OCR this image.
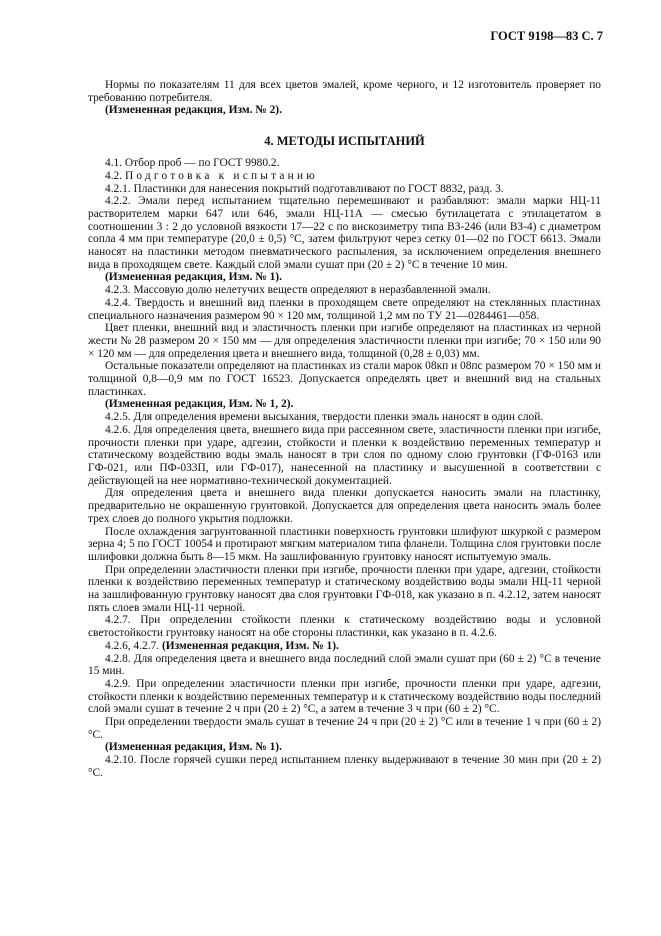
ГОСТ 9198—83 С. 7

Нормы по показателям 11 для всех цветов эмалей, кроме черного, и 12 изготовитель проверяет по требованию потребителя.

(Измененная редакция, Изм. № 2).

4. МЕТОДЫ ИСПЫТАНИЙ

4.1. Отбор проб — по ГОСТ 9980.2.

4.2. Подготовка к испытанию

4.2.1. Пластинки для нанесения покрытий подготавливают по ГОСТ 8832, разд. 3.

4.2.2. Эмали перед испытанием тщательно перемешивают и разбавляют: эмали марки НЦ-11 растворителем марки 647 или 646, эмали НЦ-11А — смесью бутилацетата с этилацетатом в соотношении 3 : 2 до условной вязкости 17—22 с по вискозиметру типа ВЗ-246 (или ВЗ-4) с диаметром сопла 4 мм при температуре (20,0 ± 0,5) °С, затем фильтруют через сетку 01—02 по ГОСТ 6613. Эмали наносят на пластинки методом пневматического распыления, за исключением определения внешнего вида в проходящем свете. Каждый слой эмали сушат при (20 ± 2) °С в течение 10 мин.

(Измененная редакция, Изм. № 1).

4.2.3. Массовую долю нелетучих веществ определяют в неразбавленной эмали.

4.2.4. Твердость и внешний вид пленки в проходящем свете определяют на стеклянных пластинах специального назначения размером 90 × 120 мм, толщиной 1,2 мм по ТУ 21—0284461—058.

Цвет пленки, внешний вид и эластичность пленки при изгибе определяют на пластинках из черной жести № 28 размером 20 × 150 мм — для определения эластичности пленки при изгибе; 70 × 150 или 90 × 120 мм — для определения цвета и внешнего вида, толщиной (0,28 ± 0,03) мм.

Остальные показатели определяют на пластинках из стали марок 08кп и 08пс размером 70 × 150 мм и толщиной 0,8—0,9 мм по ГОСТ 16523. Допускается определять цвет и внешний вид на стальных пластинках.

(Измененная редакция, Изм. № 1, 2).

4.2.5. Для определения времени высыхания, твердости пленки эмаль наносят в один слой.

4.2.6. Для определения цвета, внешнего вида при рассеянном свете, эластичности пленки при изгибе, прочности пленки при ударе, адгезии, стойкости и пленки к воздействию переменных температур и статическому воздействию воды эмаль наносят в три слоя по одному слою грунтовки (ГФ-0163 или ГФ-021, или ПФ-033П, или ГФ-017), нанесенной на пластинку и высушенной в соответствии с действующей на нее нормативно-технической документацией.

Для определения цвета и внешнего вида пленки допускается наносить эмали на пластинку, предварительно не окрашенную грунтовкой. Допускается для определения цвета наносить эмаль более трех слоев до полного укрытия подложки.

После охлаждения загрунтованной пластинки поверхность грунтовки шлифуют шкуркой с размером зерна 4; 5 по ГОСТ 10054 и протирают мягким материалом типа фланели. Толщина слоя грунтовки после шлифовки должна быть 8—15 мкм. На зашлифованную грунтовку наносят испытуемую эмаль.

При определении эластичности пленки при изгибе, прочности пленки при ударе, адгезии, стойкости пленки к воздействию переменных температур и статическому воздействию воды эмали НЦ-11 черной на зашлифованную грунтовку наносят два слоя грунтовки ГФ-018, как указано в п. 4.2.12, затем наносят пять слоев эмали НЦ-11 черной.

4.2.7. При определении стойкости пленки к статическому воздействию воды и условной светостойкости грунтовку наносят на обе стороны пластинки, как указано в п. 4.2.6.

4.2.6, 4.2.7. (Измененная редакция, Изм. № 1).

4.2.8. Для определения цвета и внешнего вида последний слой эмали сушат при (60 ± 2) °С в течение 15 мин.

4.2.9. При определении эластичности пленки при изгибе, прочности пленки при ударе, адгезии, стойкости пленки к воздействию переменных температур и к статическому воздействию воды последний слой эмали сушат в течение 2 ч при (20 ± 2) °С, а затем в течение 3 ч при (60 ± 2) °С.

При определении твердости эмаль сушат в течение 24 ч при (20 ± 2) °С или в течение 1 ч при (60 ± 2) °С.

(Измененная редакция, Изм. № 1).

4.2.10. После горячей сушки перед испытанием пленку выдерживают в течение 30 мин при (20 ± 2) °С.
